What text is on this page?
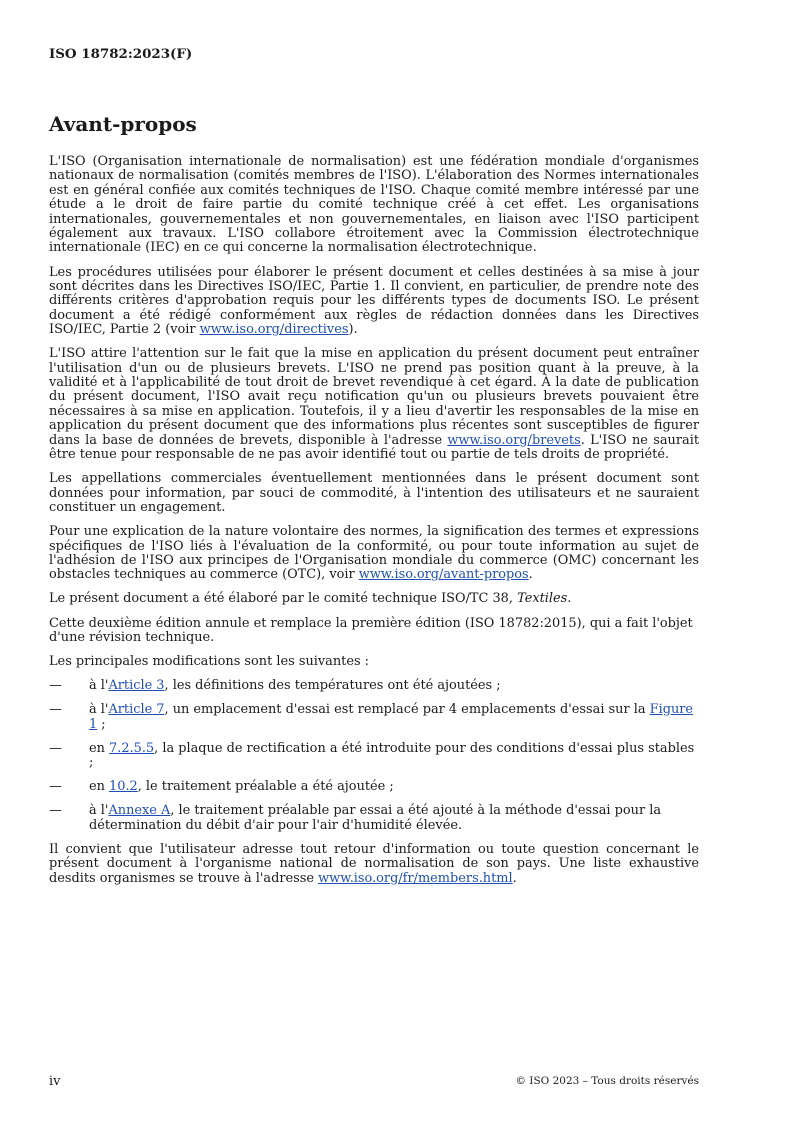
ISO 18782:2023(F)

Avant-propos

L'ISO (Organisation internationale de normalisation) est une fédération mondiale d'organismes nationaux de normalisation (comités membres de l'ISO). L'élaboration des Normes internationales est en général confiée aux comités techniques de l'ISO. Chaque comité membre intéressé par une étude a le droit de faire partie du comité technique créé à cet effet. Les organisations internationales, gouvernementales et non gouvernementales, en liaison avec l'ISO participent également aux travaux. L'ISO collabore étroitement avec la Commission électrotechnique internationale (IEC) en ce qui concerne la normalisation électrotechnique.

Les procédures utilisées pour élaborer le présent document et celles destinées à sa mise à jour sont décrites dans les Directives ISO/IEC, Partie 1. Il convient, en particulier, de prendre note des différents critères d'approbation requis pour les différents types de documents ISO. Le présent document a été rédigé conformément aux règles de rédaction données dans les Directives ISO/IEC, Partie 2 (voir www.iso.org/directives).

L'ISO attire l'attention sur le fait que la mise en application du présent document peut entraîner l'utilisation d'un ou de plusieurs brevets. L'ISO ne prend pas position quant à la preuve, à la validité et à l'applicabilité de tout droit de brevet revendiqué à cet égard. À la date de publication du présent document, l'ISO avait reçu notification qu'un ou plusieurs brevets pouvaient être nécessaires à sa mise en application. Toutefois, il y a lieu d'avertir les responsables de la mise en application du présent document que des informations plus récentes sont susceptibles de figurer dans la base de données de brevets, disponible à l'adresse www.iso.org/brevets. L'ISO ne saurait être tenue pour responsable de ne pas avoir identifié tout ou partie de tels droits de propriété.

Les appellations commerciales éventuellement mentionnées dans le présent document sont données pour information, par souci de commodité, à l'intention des utilisateurs et ne sauraient constituer un engagement.

Pour une explication de la nature volontaire des normes, la signification des termes et expressions spécifiques de l'ISO liés à l'évaluation de la conformité, ou pour toute information au sujet de l'adhésion de l'ISO aux principes de l'Organisation mondiale du commerce (OMC) concernant les obstacles techniques au commerce (OTC), voir www.iso.org/avant-propos.

Le présent document a été élaboré par le comité technique ISO/TC 38, Textiles.

Cette deuxième édition annule et remplace la première édition (ISO 18782:2015), qui a fait l'objet d'une révision technique.

Les principales modifications sont les suivantes :

— à l'Article 3, les définitions des températures ont été ajoutées ;
— à l'Article 7, un emplacement d'essai est remplacé par 4 emplacements d'essai sur la Figure 1 ;
— en 7.2.5.5, la plaque de rectification a été introduite pour des conditions d'essai plus stables ;
— en 10.2, le traitement préalable a été ajoutée ;
— à l'Annexe A, le traitement préalable par essai a été ajouté à la méthode d'essai pour la détermination du débit d'air pour l'air d'humidité élevée.

Il convient que l'utilisateur adresse tout retour d'information ou toute question concernant le présent document à l'organisme national de normalisation de son pays. Une liste exhaustive desdits organismes se trouve à l'adresse www.iso.org/fr/members.html.

iv	© ISO 2023 – Tous droits réservés
